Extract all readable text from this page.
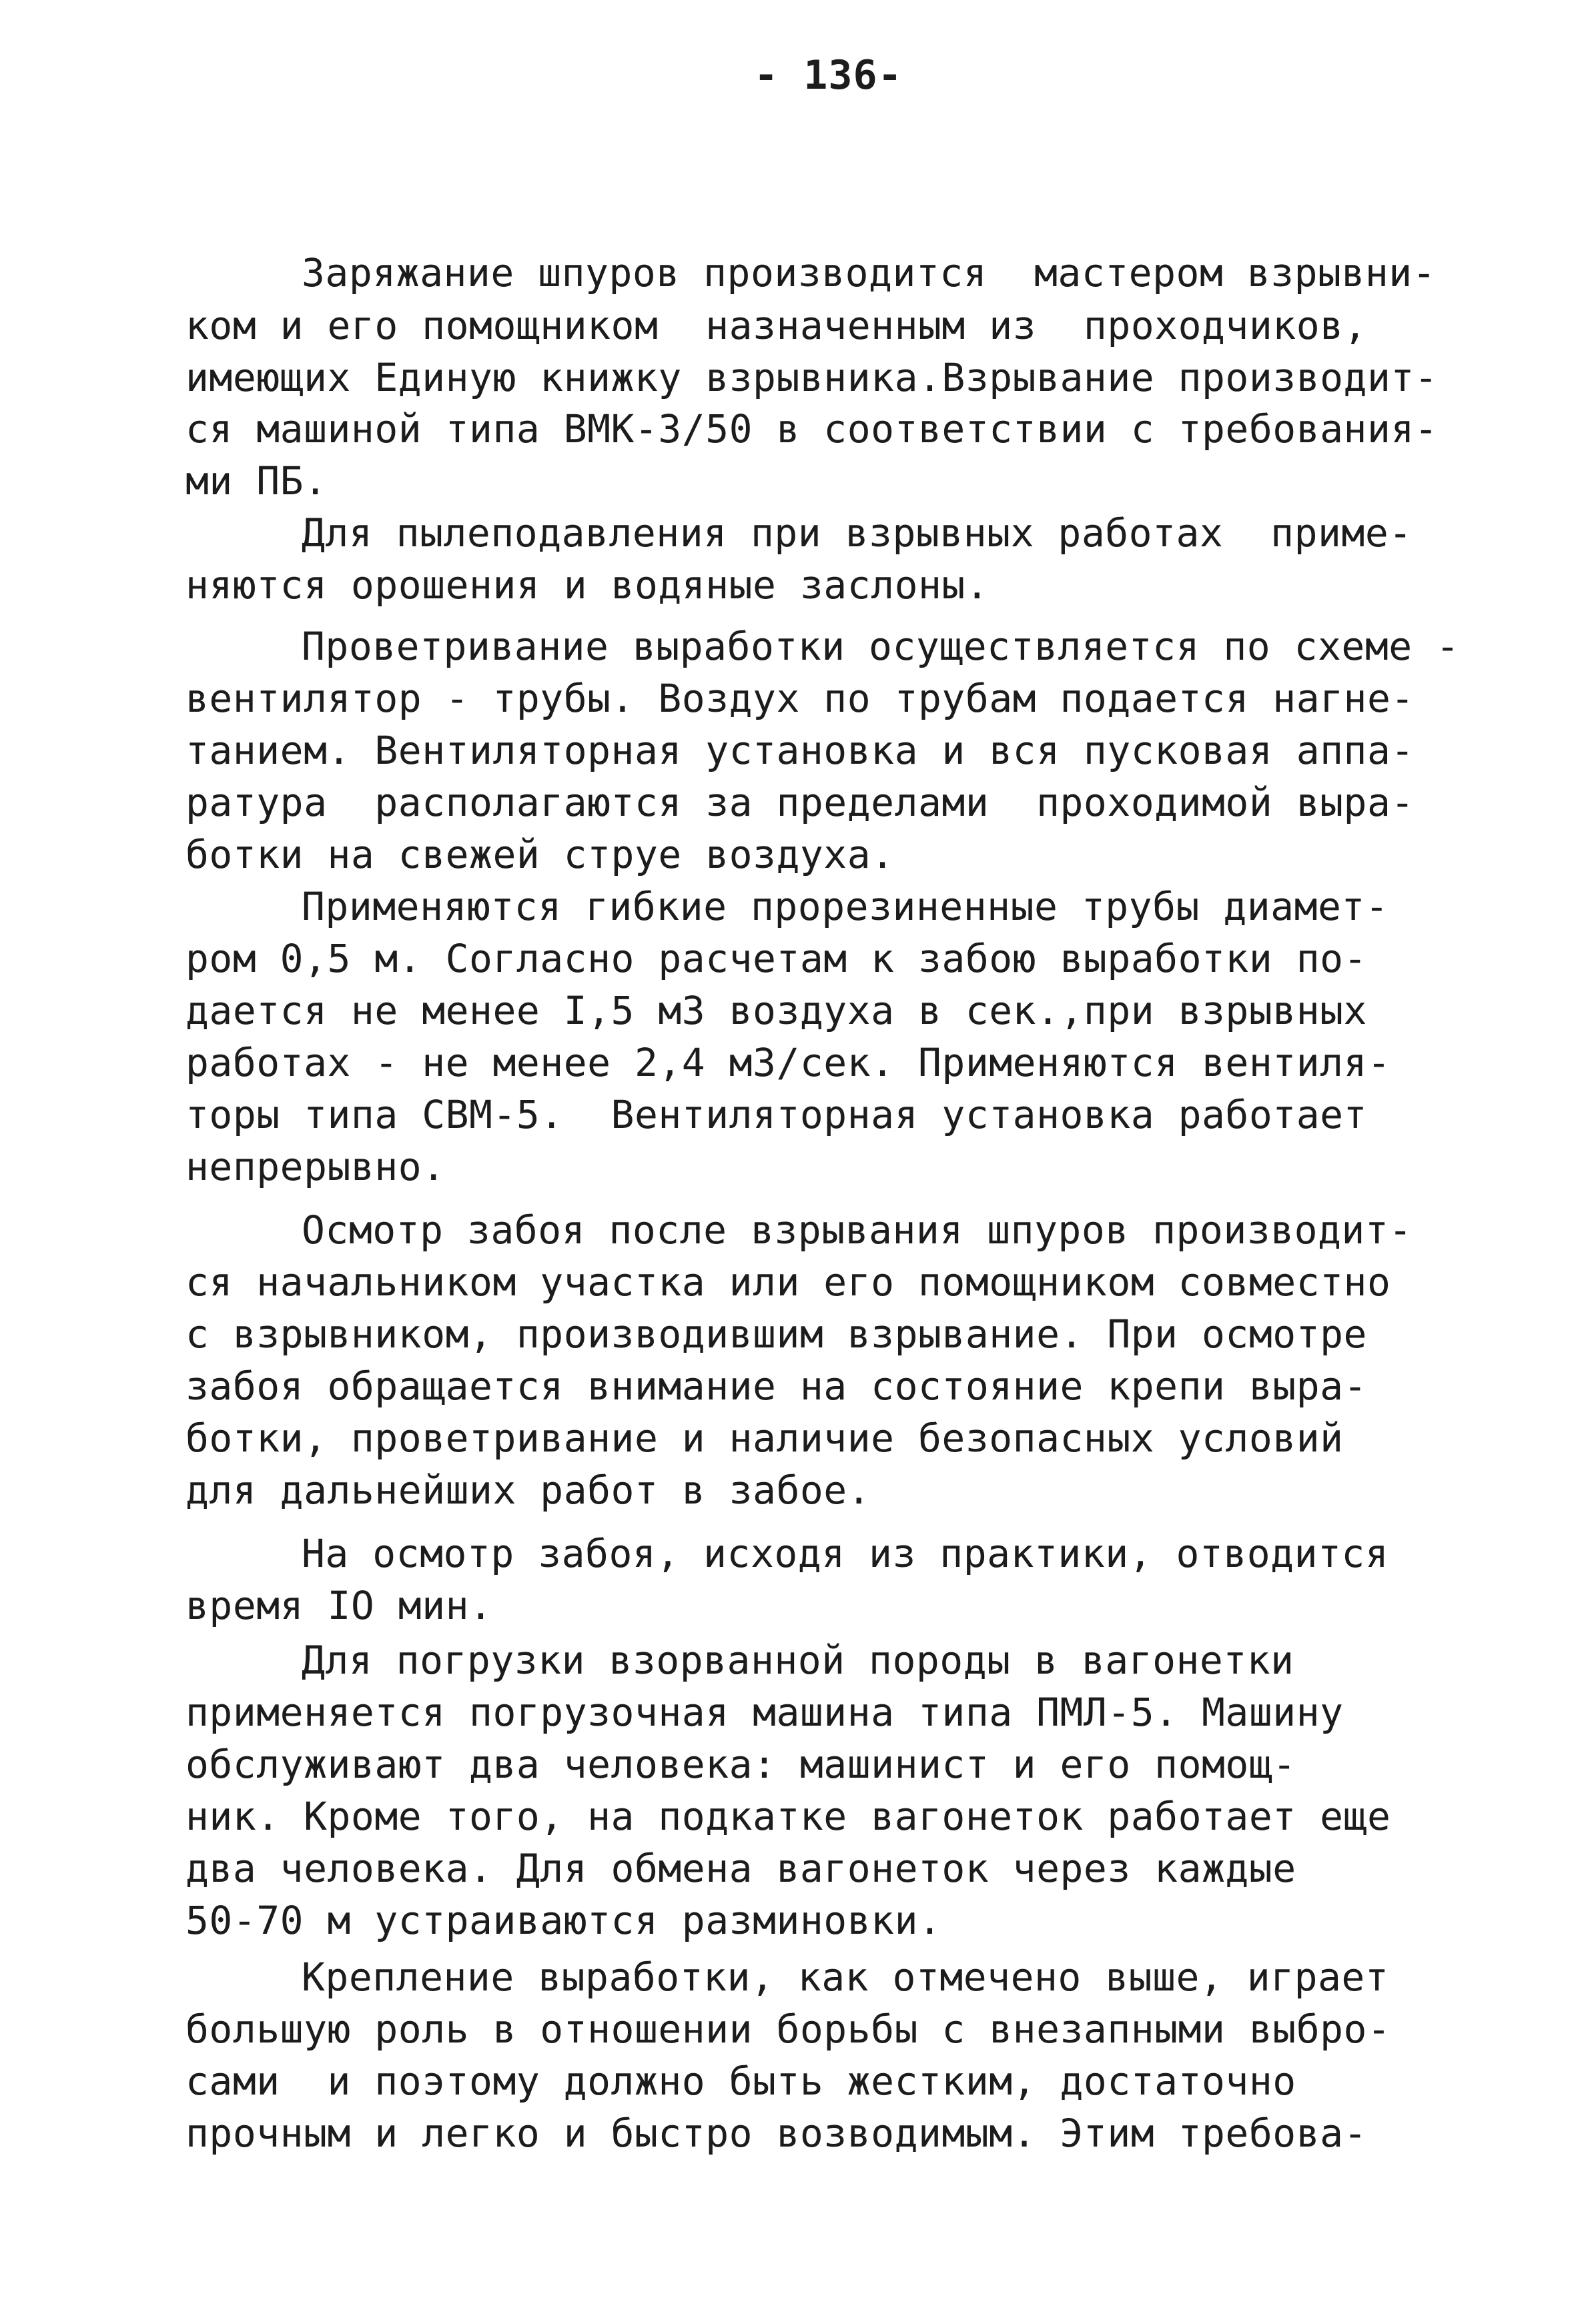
- 136-
Заряжание шпуров производится  мастером взрывни-
ком и его помощником  назначенным из  проходчиков,
имеющих Единую книжку взрывника.Взрывание производит-
ся машиной типа ВМК-3/50 в соответствии с требования-
ми ПБ.
Для пылеподавления при взрывных работах  приме-
няются орошения и водяные заслоны.
Проветривание выработки осуществляется по схеме -
вентилятор - трубы. Воздух по трубам подается нагне-
танием. Вентиляторная установка и вся пусковая аппа-
ратура  располагаются за пределами  проходимой выра-
ботки на свежей струе воздуха.
Применяются гибкие прорезиненные трубы диамет-
ром 0,5 м. Согласно расчетам к забою выработки по-
дается не менее I,5 м3 воздуха в сек.,при взрывных
работах - не менее 2,4 м3/сек. Применяются вентиля-
торы типа СВМ-5.  Вентиляторная установка работает
непрерывно.
Осмотр забоя после взрывания шпуров производит-
ся начальником участка или его помощником совместно
с взрывником, производившим взрывание. При осмотре
забоя обращается внимание на состояние крепи выра-
ботки, проветривание и наличие безопасных условий
для дальнейших работ в забое.
На осмотр забоя, исходя из практики, отводится
время IO мин.
Для погрузки взорванной породы в вагонетки
применяется погрузочная машина типа ПМЛ-5. Машину
обслуживают два человека: машинист и его помощ-
ник. Кроме того, на подкатке вагонеток работает еще
два человека. Для обмена вагонеток через каждые
50-70 м устраиваются разминовки.
Крепление выработки, как отмечено выше, играет
большую роль в отношении борьбы с внезапными выбро-
сами  и поэтому должно быть жестким, достаточно
прочным и легко и быстро возводимым. Этим требова-
